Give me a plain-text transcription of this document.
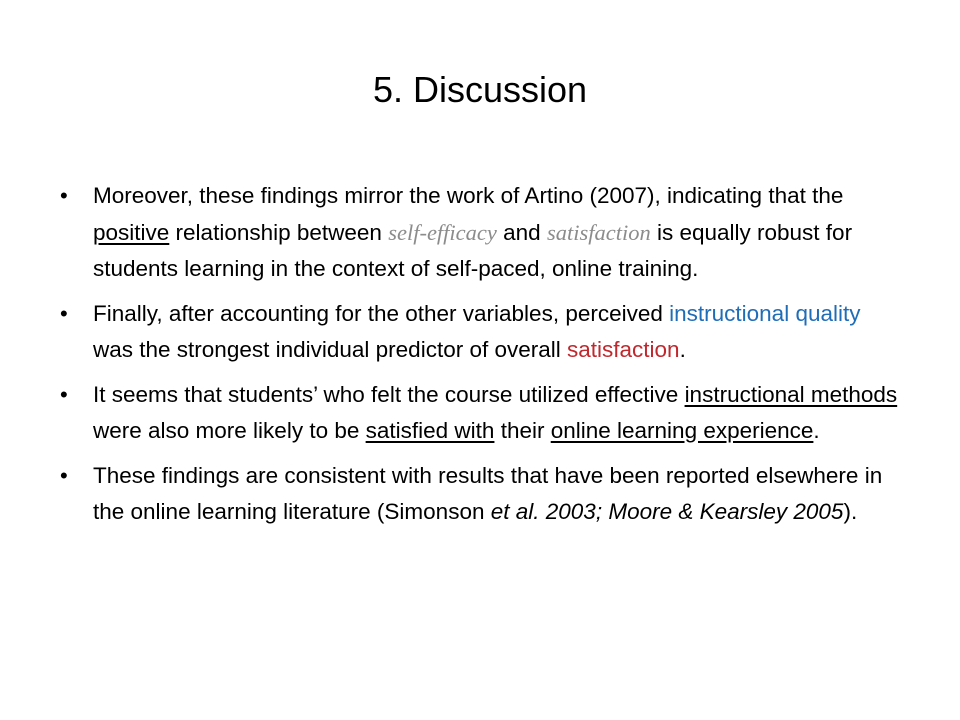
5. Discussion
• Moreover, these findings mirror the work of Artino (2007), indicating that the positive relationship between self-efficacy and satisfaction is equally robust for students learning in the context of self-paced, online training.
• Finally, after accounting for the other variables, perceived instructional quality was the strongest individual predictor of overall satisfaction.
• It seems that students’ who felt the course utilized effective instructional methods were also more likely to be satisfied with their online learning experience.
• These findings are consistent with results that have been reported elsewhere in the online learning literature (Simonson et al. 2003; Moore & Kearsley 2005).
